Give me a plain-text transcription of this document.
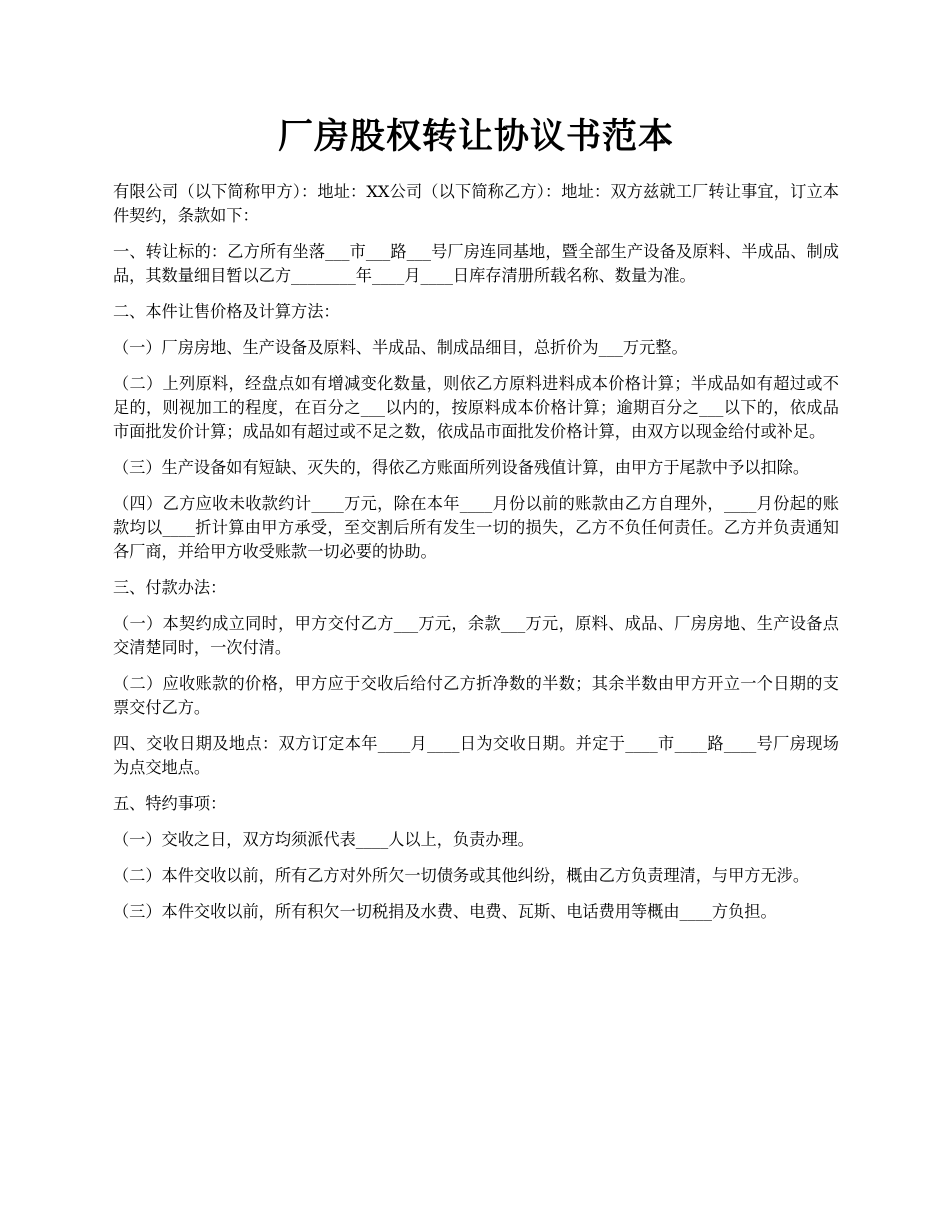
厂房股权转让协议书范本

有限公司（以下简称甲方）：地址：XX公司（以下简称乙方）：地址：双方兹就工厂转让事宜，订立本件契约，条款如下：

一、转让标的：乙方所有坐落___市___路___号厂房连同基地，暨全部生产设备及原料、半成品、制成品，其数量细目暂以乙方________年____月____日库存清册所载名称、数量为准。

二、本件让售价格及计算方法：

（一）厂房房地、生产设备及原料、半成品、制成品细目，总折价为___万元整。

（二）上列原料，经盘点如有增减变化数量，则依乙方原料进料成本价格计算；半成品如有超过或不足的，则视加工的程度，在百分之___以内的，按原料成本价格计算；逾期百分之___以下的，依成品市面批发价计算；成品如有超过或不足之数，依成品市面批发价格计算，由双方以现金给付或补足。

（三）生产设备如有短缺、灭失的，得依乙方账面所列设备残值计算，由甲方于尾款中予以扣除。

（四）乙方应收未收款约计____万元，除在本年____月份以前的账款由乙方自理外，____月份起的账款均以____折计算由甲方承受，至交割后所有发生一切的损失，乙方不负任何责任。乙方并负责通知各厂商，并给甲方收受账款一切必要的协助。

三、付款办法：

（一）本契约成立同时，甲方交付乙方___万元，余款___万元，原料、成品、厂房房地、生产设备点交清楚同时，一次付清。

（二）应收账款的价格，甲方应于交收后给付乙方折净数的半数；其余半数由甲方开立一个日期的支票交付乙方。

四、交收日期及地点：双方订定本年____月____日为交收日期。并定于____市____路____号厂房现场为点交地点。

五、特约事项：

（一）交收之日，双方均须派代表____人以上，负责办理。

（二）本件交收以前，所有乙方对外所欠一切债务或其他纠纷，概由乙方负责理清，与甲方无涉。

（三）本件交收以前，所有积欠一切税捐及水费、电费、瓦斯、电话费用等概由____方负担。
